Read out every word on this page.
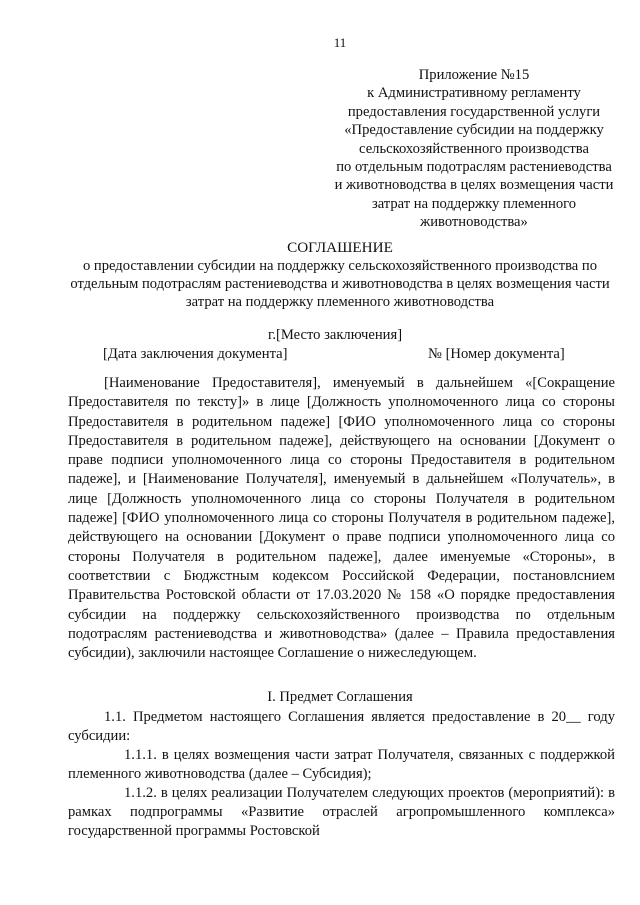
11
Приложение №15
к Административному регламенту
предоставления государственной услуги
«Предоставление субсидии на поддержку
сельскохозяйственного производства
по отдельным подотраслям растениеводства
и животноводства в целях возмещения части
затрат на поддержку племенного
животноводства»
СОГЛАШЕНИЕ
о предоставлении субсидии на поддержку сельскохозяйственного производства по отдельным подотраслям растениеводства и животноводства в целях возмещения части затрат на поддержку племенного животноводства
г.[Место заключения]
[Дата заключения документа]	№ [Номер документа]
[Наименование Предоставителя], именуемый в дальнейшем «[Сокращение Предоставителя по тексту]» в лице [Должность уполномоченного лица со стороны Предоставителя в родительном падеже] [ФИО уполномоченного лица со стороны Предоставителя в родительном падеже], действующего на основании [Документ о праве подписи уполномоченного лица со стороны Предоставителя в родительном падеже], и [Наименование Получателя], именуемый в дальнейшем «Получатель», в лице [Должность уполномоченного лица со стороны Получателя в родительном падеже] [ФИО уполномоченного лица со стороны Получателя в родительном падеже], действующего на основании [Документ о праве подписи уполномоченного лица со стороны Получателя в родительном падеже], далее именуемые «Стороны», в соответствии с Бюджстным кодексом Российской Федерации, постановлснием Правительства Ростовской области от 17.03.2020 № 158 «О порядке предоставления субсидии на поддержку сельскохозяйственного производства по отдельным подотраслям растениеводства и животноводства» (далее – Правила предоставления субсидии), заключили настоящее Соглашение о нижеследующем.
I. Предмет Соглашения
1.1. Предметом настоящего Соглашения является предоставление в 20__ году субсидии:
1.1.1. в целях возмещения части затрат Получателя, связанных с поддержкой племенного животноводства (далее – Субсидия);
1.1.2. в целях реализации Получателем следующих проектов (мероприятий): в рамках подпрограммы «Развитие отраслей агропромышленного комплекса» государственной программы Ростовской
